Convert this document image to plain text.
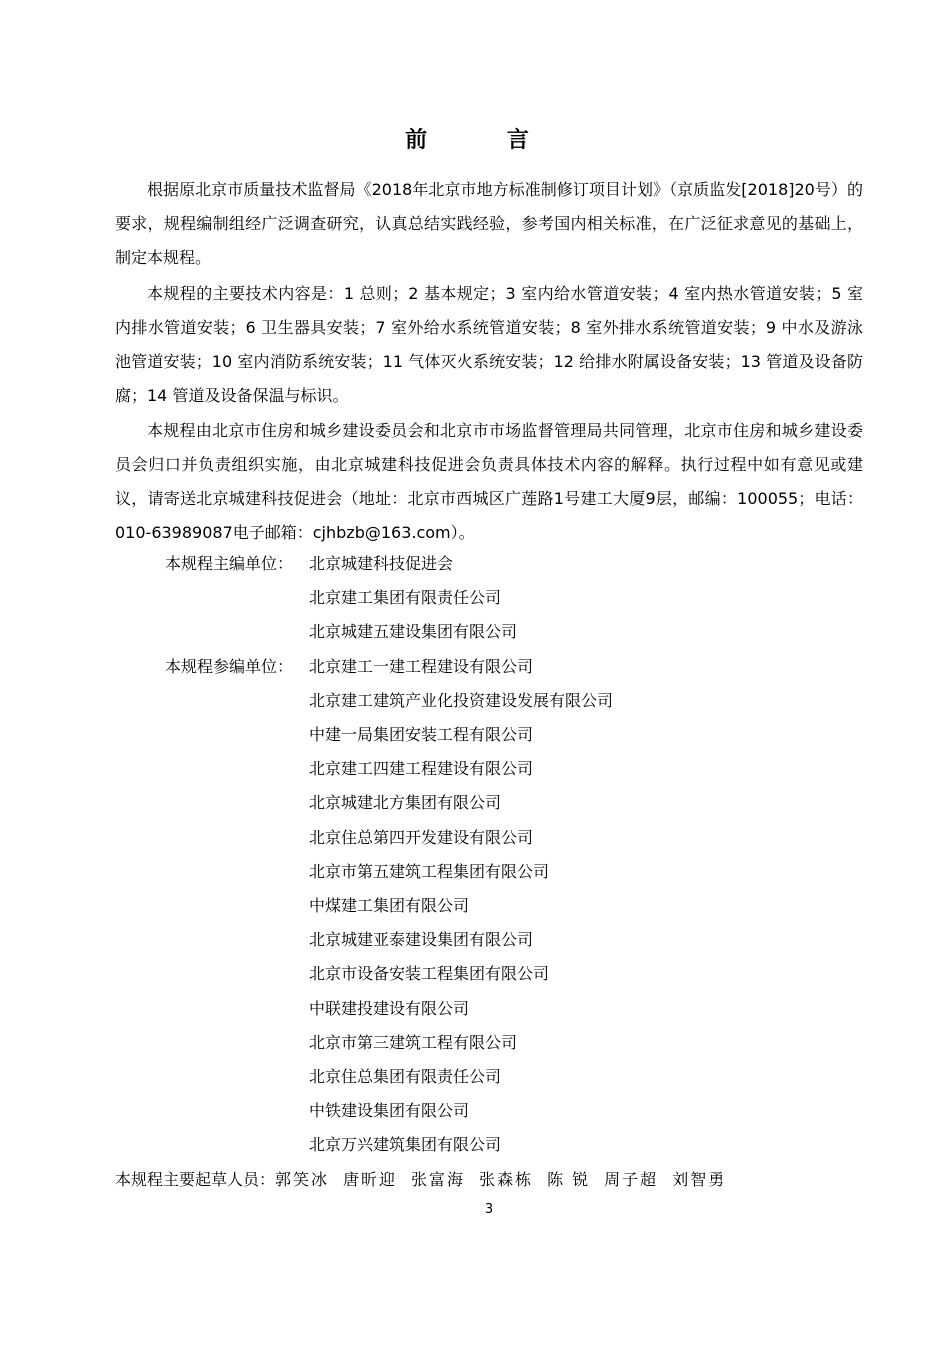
前 言

根据原北京市质量技术监督局《2018年北京市地方标准制修订项目计划》（京质监发[2018]20号）的要求，规程编制组经广泛调查研究，认真总结实践经验，参考国内相关标准，在广泛征求意见的基础上，制定本规程。

本规程的主要技术内容是：1 总则；2 基本规定；3 室内给水管道安装；4 室内热水管道安装；5 室内排水管道安装；6 卫生器具安装；7 室外给水系统管道安装；8 室外排水系统管道安装；9 中水及游泳池管道安装；10 室内消防系统安装；11 气体灭火系统安装；12 给排水附属设备安装；13 管道及设备防腐；14 管道及设备保温与标识。

本规程由北京市住房和城乡建设委员会和北京市市场监督管理局共同管理，北京市住房和城乡建设委员会归口并负责组织实施，由北京城建科技促进会负责具体技术内容的解释。执行过程中如有意见或建议，请寄送北京城建科技促进会（地址：北京市西城区广莲路1号建工大厦9层，邮编：100055；电话：010-63989087电子邮箱：cjhbzb@163.com）。

本规程主编单位： 北京城建科技促进会
北京建工集团有限责任公司
北京城建五建设集团有限公司
本规程参编单位： 北京建工一建工程建设有限公司
北京建工建筑产业化投资建设发展有限公司
中建一局集团安装工程有限公司
北京建工四建工程建设有限公司
北京城建北方集团有限公司
北京住总第四开发建设有限公司
北京市第五建筑工程集团有限公司
中煤建工集团有限公司
北京城建亚泰建设集团有限公司
北京市设备安装工程集团有限公司
中联建投建设有限公司
北京市第三建筑工程有限公司
北京住总集团有限责任公司
中铁建设集团有限公司
北京万兴建筑集团有限公司
本规程主要起草人员：郭笑冰 唐昕迎 张富海 张森栋 陈 锐 周子超 刘智勇
3
